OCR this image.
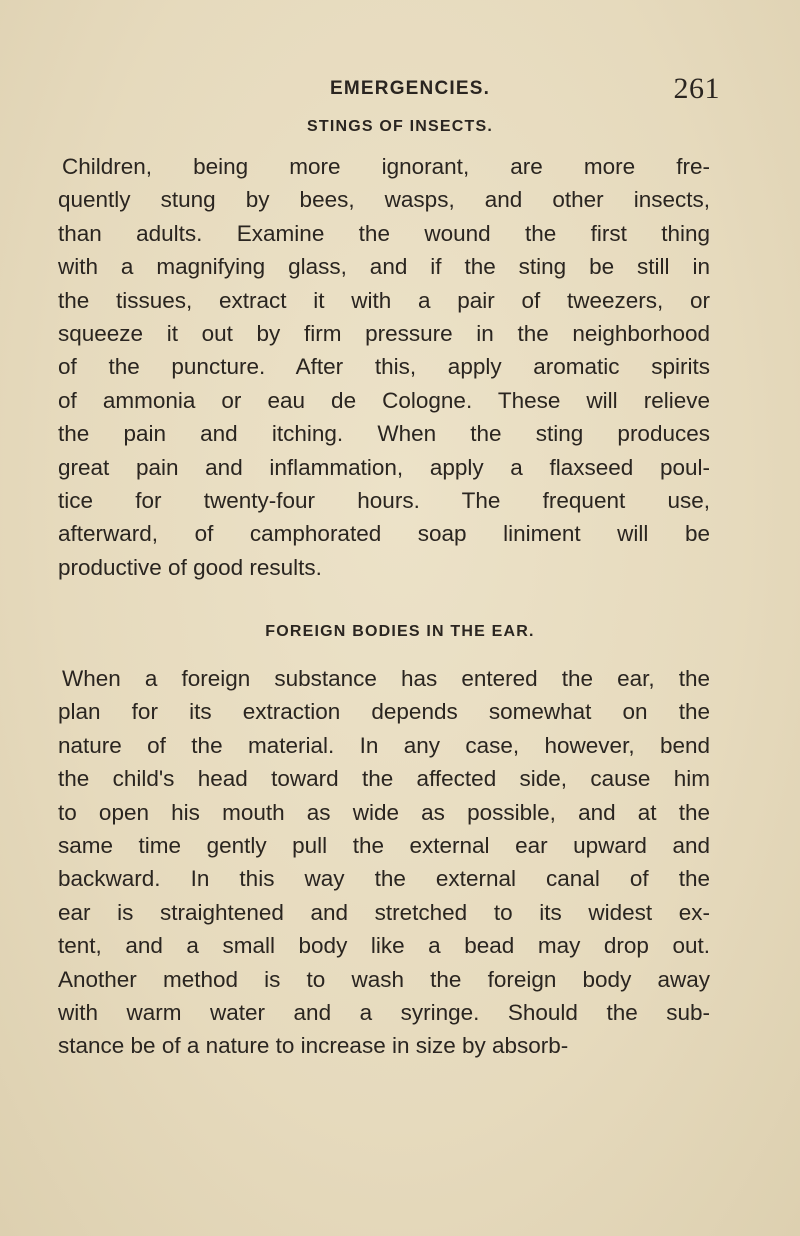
EMERGENCIES.	261
STINGS OF INSECTS.
Children, being more ignorant, are more fre-
quently stung by bees, wasps, and other insects,
than adults. Examine the wound the first thing
with a magnifying glass, and if the sting be still in
the tissues, extract it with a pair of tweezers, or
squeeze it out by firm pressure in the neighborhood
of the puncture. After this, apply aromatic spirits
of ammonia or eau de Cologne. These will relieve
the pain and itching. When the sting produces
great pain and inflammation, apply a flaxseed poul-
tice for twenty-four hours. The frequent use,
afterward, of camphorated soap liniment will be
productive of good results.
FOREIGN BODIES IN THE EAR.
When a foreign substance has entered the ear, the
plan for its extraction depends somewhat on the
nature of the material. In any case, however, bend
the child's head toward the affected side, cause him
to open his mouth as wide as possible, and at the
same time gently pull the external ear upward and
backward. In this way the external canal of the
ear is straightened and stretched to its widest ex-
tent, and a small body like a bead may drop out.
Another method is to wash the foreign body away
with warm water and a syringe. Should the sub-
stance be of a nature to increase in size by absorb-
